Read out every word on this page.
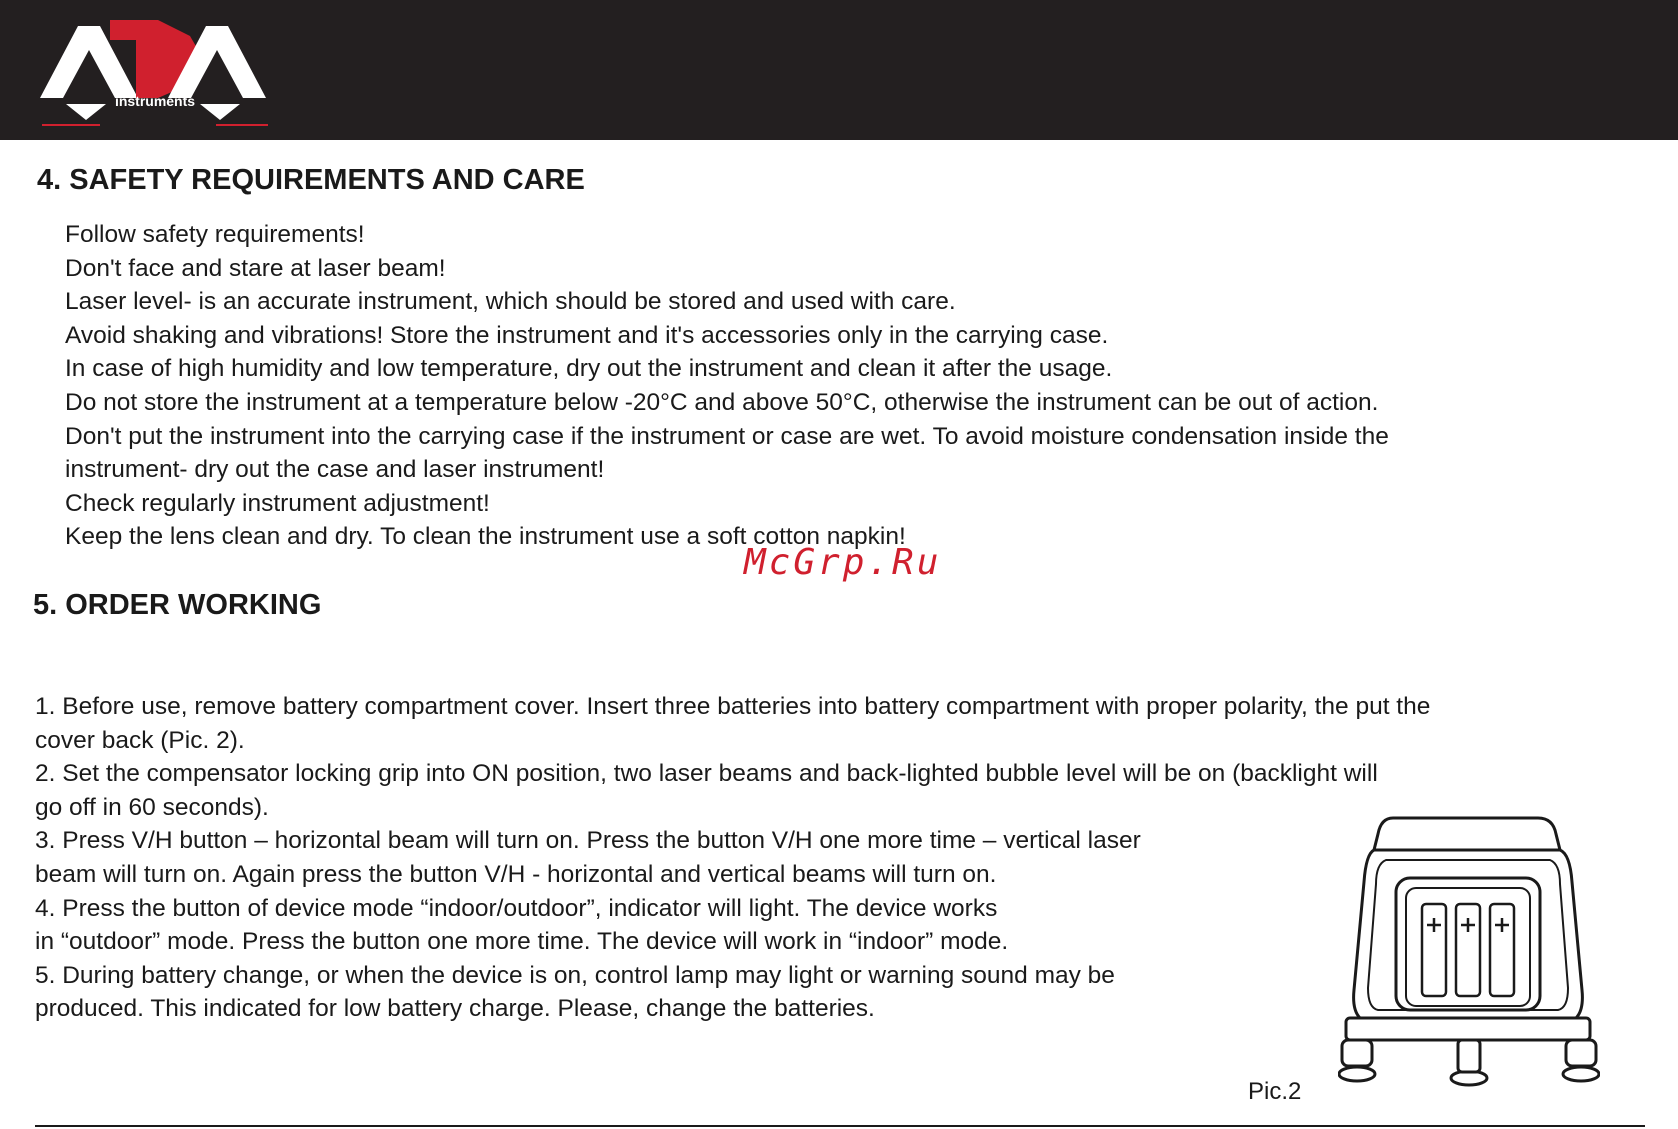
instruments
4. SAFETY REQUIREMENTS AND CARE
Follow safety requirements!
Don't face and stare at laser beam!
Laser level- is an accurate instrument, which should be stored and used with care.
Avoid shaking and vibrations! Store the instrument and it's accessories only in the carrying case.
In case of high humidity and low temperature, dry out the instrument and clean it after the usage.
Do not store the instrument at a temperature below -20°C and above 50°C, otherwise the instrument can be out of action.
Don't put the instrument into the carrying case if the instrument or case are wet. To avoid moisture condensation inside the
instrument- dry out the case and laser instrument!
Check regularly instrument adjustment!
Keep the lens clean and dry. To clean the instrument use a soft cotton napkin!
McGrp.Ru
5. ORDER WORKING
1. Before use, remove battery compartment cover. Insert three batteries into battery compartment with proper polarity, the put the
cover back (Pic. 2).
2. Set the compensator locking grip into ON position, two laser beams and back-lighted bubble level will be on (backlight will
go off in 60 seconds).
3. Press V/H button – horizontal beam will turn on. Press the button V/H one more time – vertical laser
beam will turn on. Again press the button V/H - horizontal and vertical beams will turn on.
4. Press the button of device mode “indoor/outdoor”, indicator will light. The device works
in “outdoor” mode. Press the button one more time. The device will work in “indoor” mode.
5. During battery change, or when the device is on, control lamp may light or warning sound may be
produced. This indicated for low battery charge. Please, change the batteries.
Pic.2
